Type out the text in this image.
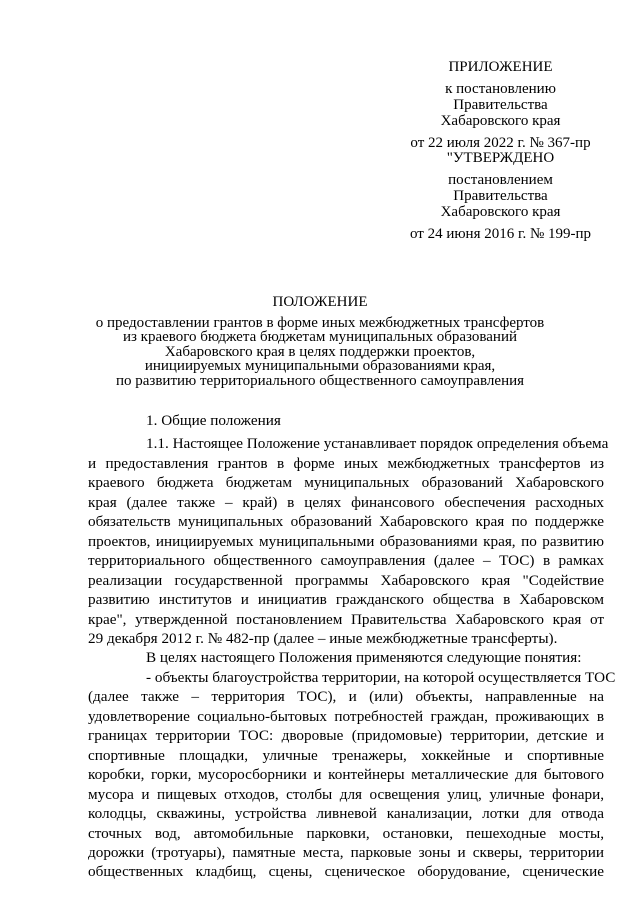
ПРИЛОЖЕНИЕ
к постановлению
Правительства
Хабаровского края
от 22 июля 2022 г. № 367-пр
"УТВЕРЖДЕНО
постановлением
Правительства
Хабаровского края
от 24 июня 2016 г. № 199-пр
ПОЛОЖЕНИЕ
о предоставлении грантов в форме иных межбюджетных трансфертов
из краевого бюджета бюджетам муниципальных образований
Хабаровского края в целях поддержки проектов,
инициируемых муниципальными образованиями края,
по развитию территориального общественного самоуправления
1. Общие положения
1.1. Настоящее Положение устанавливает порядок определения объема
и предоставления грантов в форме иных межбюджетных трансфертов из
краевого бюджета бюджетам муниципальных образований Хабаровского
края (далее также – край) в целях финансового обеспечения расходных
обязательств муниципальных образований Хабаровского края по поддержке
проектов, инициируемых муниципальными образованиями края, по развитию
территориального общественного самоуправления (далее – ТОС) в рамках
реализации государственной программы Хабаровского края "Содействие
развитию институтов и инициатив гражданского общества в Хабаровском
крае", утвержденной постановлением Правительства Хабаровского края от
29 декабря 2012 г. № 482-пр (далее – иные межбюджетные трансферты).
В целях настоящего Положения применяются следующие понятия:
- объекты благоустройства территории, на которой осуществляется ТОС
(далее также – территория ТОС), и (или) объекты, направленные на
удовлетворение социально-бытовых потребностей граждан, проживающих в
границах территории ТОС: дворовые (придомовые) территории, детские и
спортивные площадки, уличные тренажеры, хоккейные и спортивные
коробки, горки, мусоросборники и контейнеры металлические для бытового
мусора и пищевых отходов, столбы для освещения улиц, уличные фонари,
колодцы, скважины, устройства ливневой канализации, лотки для отвода
сточных вод, автомобильные парковки, остановки, пешеходные мосты,
дорожки (тротуары), памятные места, парковые зоны и скверы, территории
общественных кладбищ, сцены, сценическое оборудование, сценические
